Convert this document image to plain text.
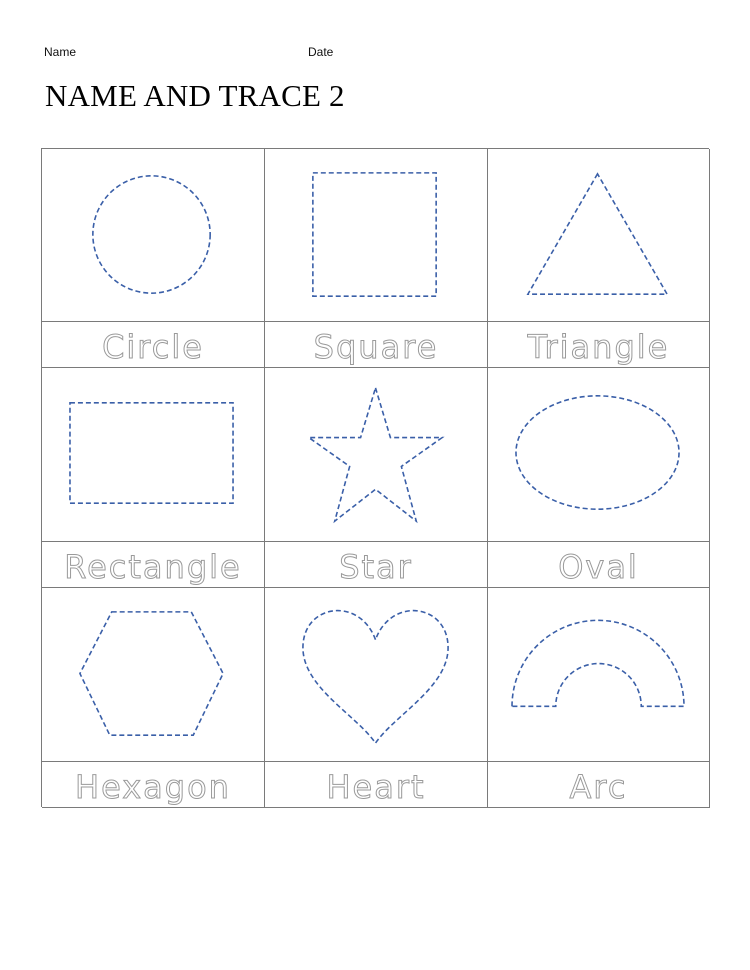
Name	Date
NAME AND TRACE 2
Circle	Square	Triangle
Rectangle	Star	Oval
Hexagon	Heart	Arc
